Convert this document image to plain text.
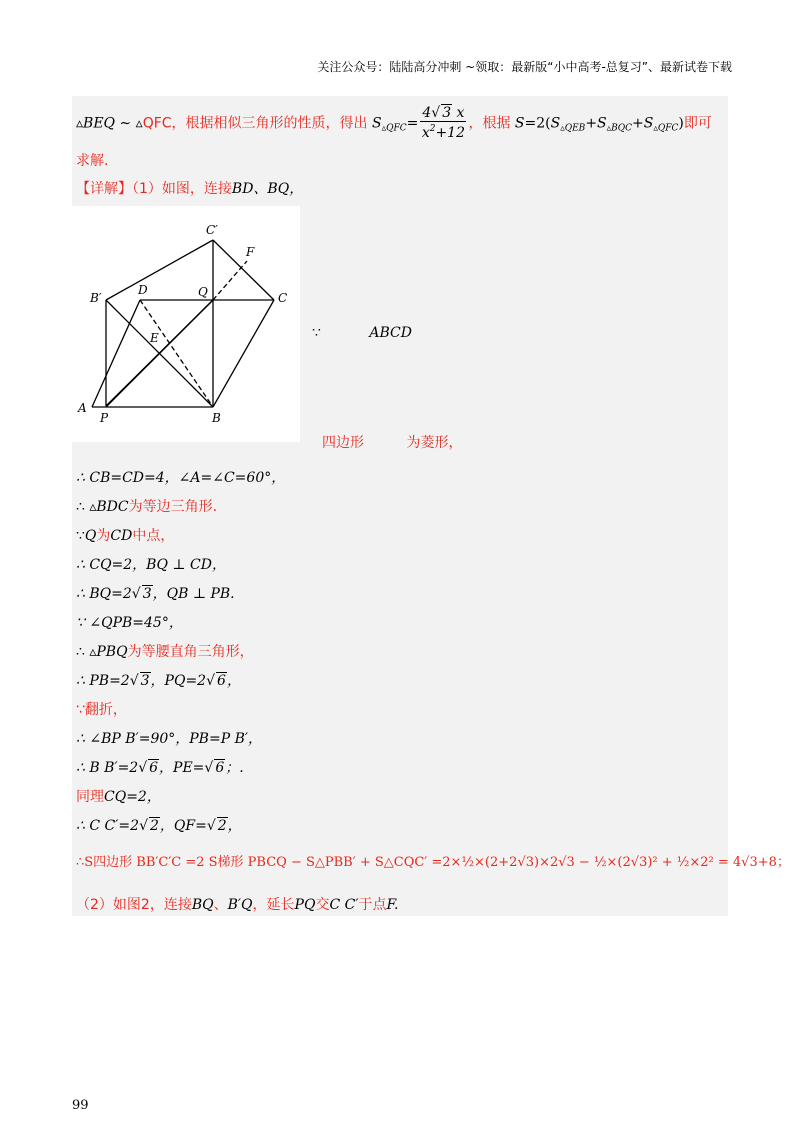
关注公众号：陆陆高分冲刺 ~领取：最新版“小中高考-总复习”、最新试卷下载
▵BEQ ∼ ▵QFC，根据相似三角形的性质，得出 $S_{▵QFC}= \frac{4√ 3 x}{x^2+12}$ ，根据 $S=2(S_{▵QEB}+S_{▵BQC}+S_{▵QFC})$即可
求解.
【详解】（1）如图，连接BD、BQ，
C′
F
B′
D	Q	C
E
A
P	B
∵	ABCD
四边形	为菱形，
∴ CB=CD=4，∠A=∠C=60°，
∴ ▵BDC为等边三角形.
∵Q为CD中点，
∴ CQ=2，BQ ⊥ CD，
∴ BQ=2√ 3，QB ⊥ PB.
∵ ∠QPB=45°，
∴ ▵PBQ为等腰直角三角形，
∴ PB=2√ 3，PQ=2√ 6，
∵翻折，
∴ ∠BP B′=90°，PB=P B′，
∴ B B′=2√ 6，PE=√ 6；.
同理CQ=2，
∴ C C′=2√ 2，QF=√ 2，
∴S四边形 BB′C′C =2 S梯形 PBCQ − S△PBB′ + S△CQC′ =2×½×(2+2√3)×2√3 − ½×(2√3)² + ½×2² = 4√3+8；
（2）如图2，连接BQ、B′Q，延长PQ交C C′于点F.
99
